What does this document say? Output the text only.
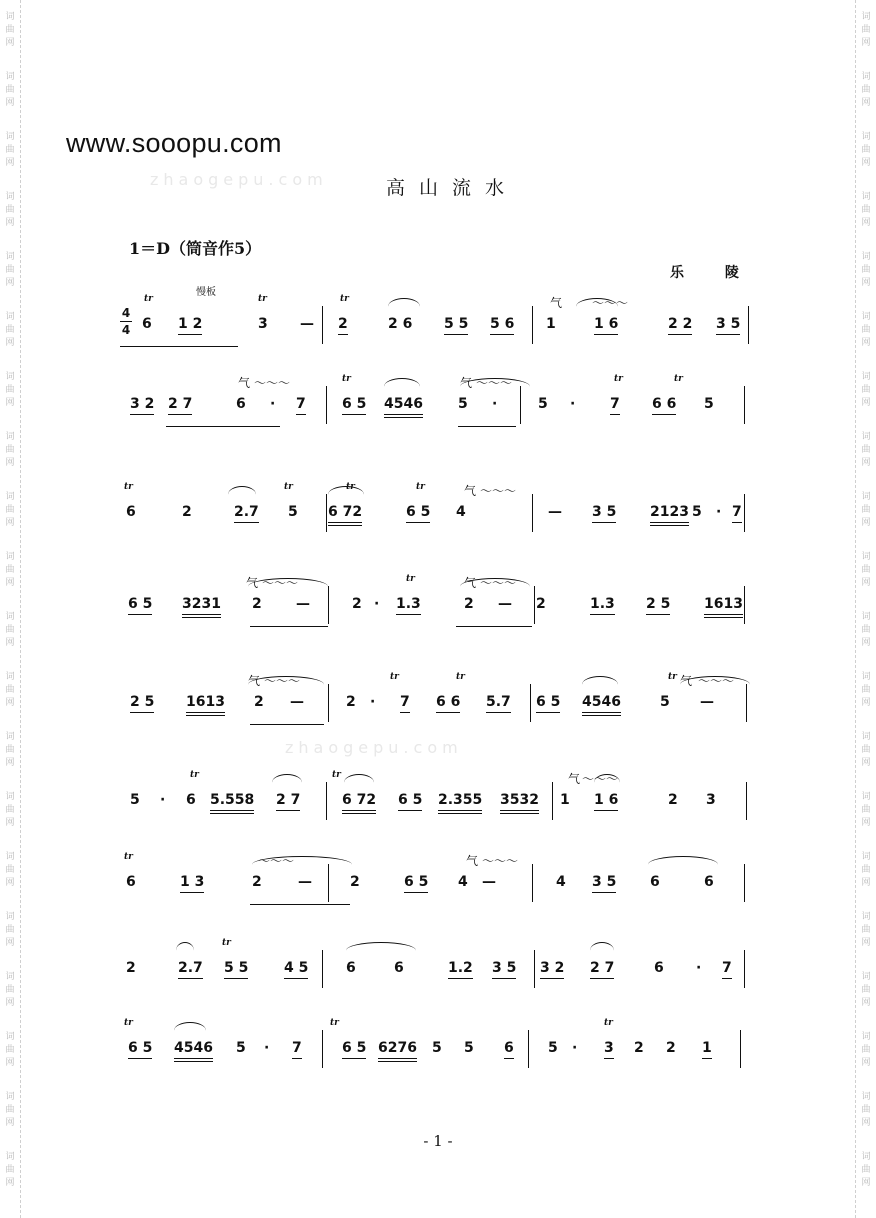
词
曲
网
词
曲
网
词
曲
网
词
曲
网
词
曲
网
词
曲
网
词
曲
网
词
曲
网
词
曲
网
词
曲
网
词
曲
网
词
曲
网
词
曲
网
词
曲
网
词
曲
网
词
曲
网
词
曲
网
词
曲
网
词
曲
网
词
曲
网
词
曲
网
词
曲
网
词
曲
网
词
曲
网
词
曲
网
词
曲
网
词
曲
网
词
曲
网
词
曲
网
词
曲
网
词
曲
网
词
曲
网
词
曲
网
词
曲
网
词
曲
网
词
曲
网
词
曲
网
词
曲
网
词
曲
网
词
曲
网
www.sooopu.com
zhaogepu.com
zhaogepu.com
高山流水
1＝D（筒音作5）
乐 陵
慢板
4
4 6 1 2	3 — 2	2 6 5 5 5 6 1	1 6	2 2 3 5
tr	tr	tr	气 〜〜〜
3 2 2 7	6 · 7	6 5 4546	5 ·	5 · 7 6 6 5
气 〜〜〜	tr	气 〜〜〜	tr	tr
6	2	2.7 5 6 72	6 5 4	— 3 5 2123 5 · 7
tr	tr	tr	tr	气 〜〜〜
6 5 3231 2 —	2 · 1.3	2 — 2	1.3 2 5 1613
气 〜〜〜	tr	气 〜〜〜
2 5 1613 2 —	2 · 7 6 6 5.7 6 5 4546	5 —
气 〜〜〜	tr	tr	tr 气 〜〜〜
5 · 6 5.558 2 7	6 72 6 5 2.355 3532 1 1 6	2 3
tr	tr	气 〜〜〜
6	1 3	2	—	2	6 5 4 —	4 3 5 6	6
tr	〜〜〜	气 〜〜〜
2	2.7 5 5	4 5	6	6	1.2 3 5 3 2 2 7	6 · 7
tr
6 5 4546 5 · 7	6 5 6276 5 5 6 5 · 3 2 2 1
tr	tr	tr
- 1 -
